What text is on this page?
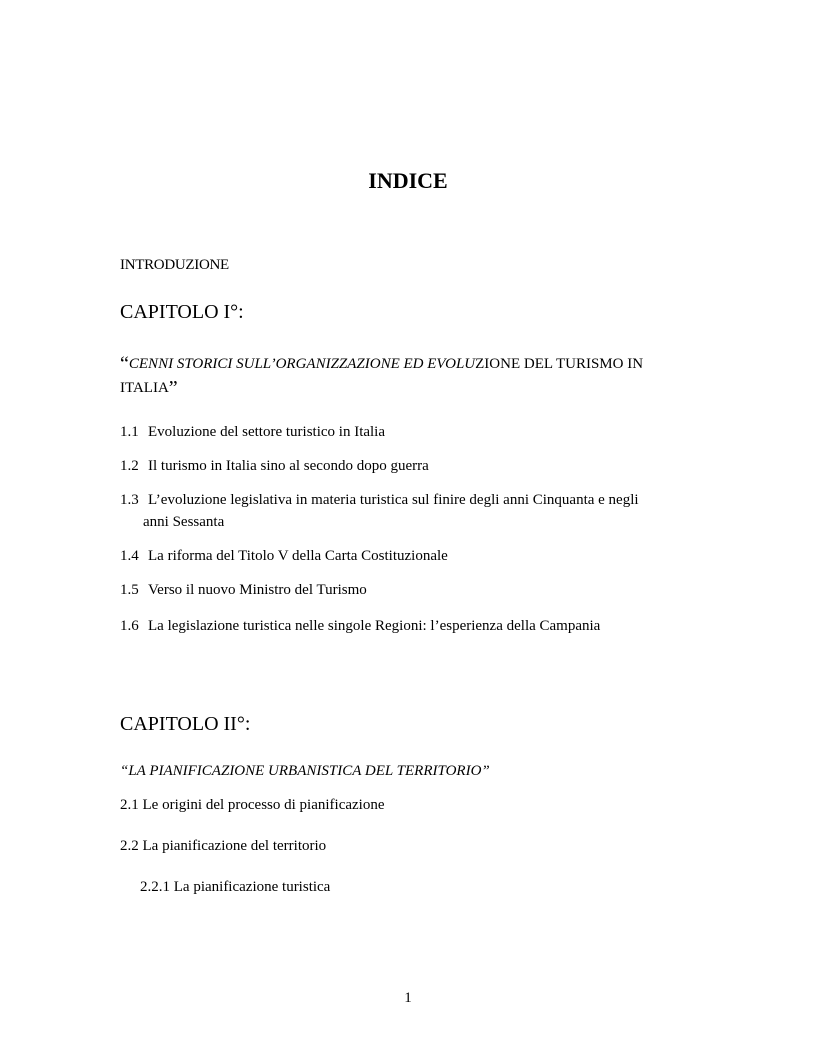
INDICE
INTRODUZIONE
CAPITOLO I°:
“CENNI STORICI SULL’ORGANIZZAZIONE ED EVOLUZIONE DEL TURISMO IN
ITALIA”
1.1 Evoluzione del settore turistico in Italia
1.2 Il turismo in Italia sino al secondo dopo guerra
1.3 L’evoluzione legislativa in materia turistica sul finire degli anni Cinquanta e negli
anni Sessanta
1.4 La riforma del Titolo V della Carta Costituzionale
1.5 Verso il nuovo Ministro del Turismo
1.6 La legislazione turistica nelle singole Regioni: l’esperienza della Campania
CAPITOLO II°:
“LA PIANIFICAZIONE URBANISTICA DEL TERRITORIO”
2.1 Le origini del processo di pianificazione
2.2 La pianificazione del territorio
2.2.1 La pianificazione turistica
1
